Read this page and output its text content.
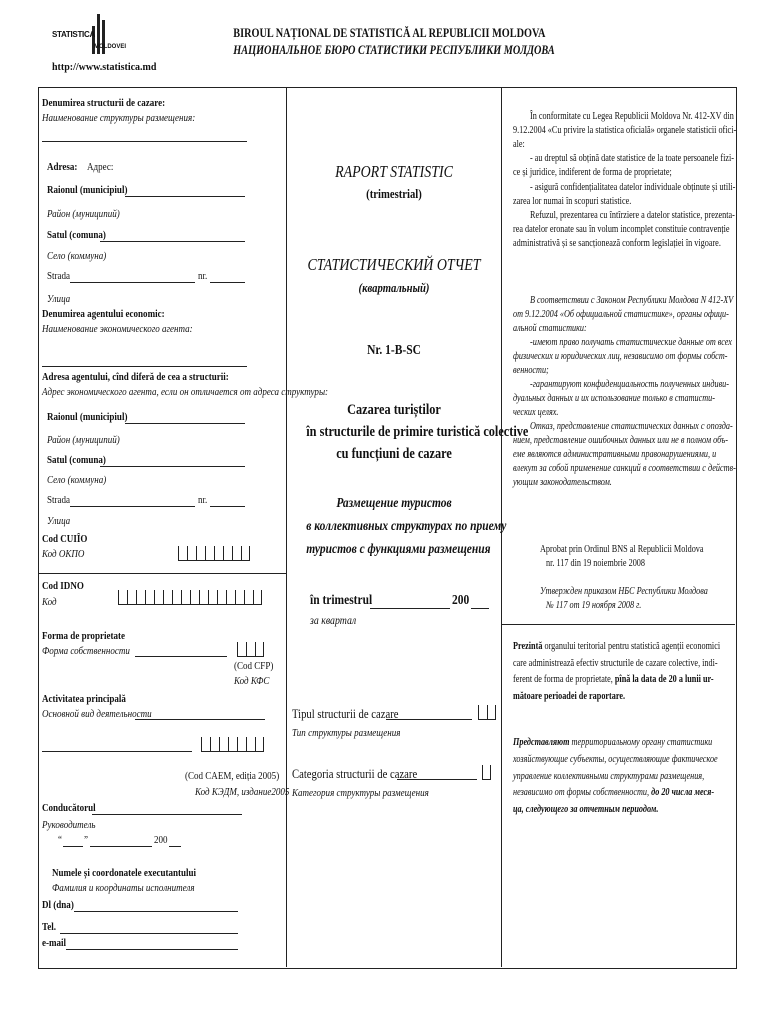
STATISTICA
MOLDOVEI
http://www.statistica.md
BIROUL NAȚIONAL DE STATISTICĂ AL REPUBLICII MOLDOVA
НАЦИОНАЛЬНОЕ БЮРО СТАТИСТИКИ РЕСПУБЛИКИ МОЛДОВА
Denumirea structurii de cazare:
Наименование структуры размещения:
Adresa: Адрес:
Raionul (municipiul)
Район (муниципий)
Satul (comuna)
Село (коммуна)
Strada	nr.
Улица
Denumirea agentului economic:
Наименование экономического агента:
Adresa agentului, cînd diferă de cea a structurii:
Адрес экономического агента, если он отличается от адреса структуры:
Raionul (municipiul)
Район (муниципий)
Satul (comuna)
Село (коммуна)
Strada	nr.
Улица
Cod CUIÎO
Код ОКПО
Cod IDNO
Код
Forma de proprietate
Форма собственности
(Cod CFP)
Код КФС
Activitatea principală
Основной вид деятельности
(Cod CAEM, ediția 2005)
Код КЭДМ, издание2005
Conducătorul
Руководитель
“ ”	200
Numele și coordonatele executantului
Фамилия и координаты исполнителя
Dl (dna)
Tel.
e-mail
RAPORT STATISTIC
(trimestrial)
СТАТИСТИЧЕСКИЙ ОТЧЕТ
(квартальный)
Nr. 1-B-SC
Cazarea turiștilor
în structurile de primire turistică colective
cu funcțiuni de cazare
Размещение туристов
в коллективных структурах по приему
туристов с функциями размещения
în trimestrul	200
за квартал
Tipul structurii de cazare
Тип структуры размещения
Categoria structurii de cazare
Категория структуры размещения
În conformitate cu Legea Republicii Moldova Nr. 412-XV din
9.12.2004 «Cu privire la statistica oficială» organele statisticii ofici-
ale:
- au dreptul să obțină date statistice de la toate persoanele fizi-
ce și juridice, indiferent de forma de proprietate;
- asigură confidențialitatea datelor individuale obținute și utili-
zarea lor numai în scopuri statistice.
Refuzul, prezentarea cu întîrziere a datelor statistice, prezenta-
rea datelor eronate sau în volum incomplet constituie contravenție
administrativă și se sancționează conform legislației în vigoare.
В соответствии с Законом Республики Молдова N 412-XV
от 9.12.2004 «Об официальной статистике», органы офици-
альной статистики:
-имеют право получать статистические данные от всех
физических и юридических лиц, независимо от формы собст-
венности;
-гарантируют конфиденциальность полученных индиви-
дуальных данных и их использование только в статисти-
ческих целях.
Отказ, представление статистических данных с опозда-
нием, представление ошибочных данных или не в полном объ-
еме являются административными правонарушениями, и
влекут за собой применение санкций в соответствии с действ-
ующим законодательством.
Aprobat prin Ordinul BNS al Republicii Moldova
nr. 117 din 19 noiembrie 2008
Утвержден приказом НБС Республики Молдова
№ 117 от 19 ноября 2008 г.
Prezintă organului teritorial pentru statistică agenții economici
care administrează efectiv structurile de cazare colective, indi-
ferent de forma de proprietate, pînă la data de 20 a lunii ur-
mătoare perioadei de raportare.
Представляют территориальному органу статистики
хозяйствующие субъекты, осуществляющие фактическое
управление коллективными структурами размещения,
независимо от формы собственности, до 20 числа меся-
ца, следующего за отчетным периодом.
